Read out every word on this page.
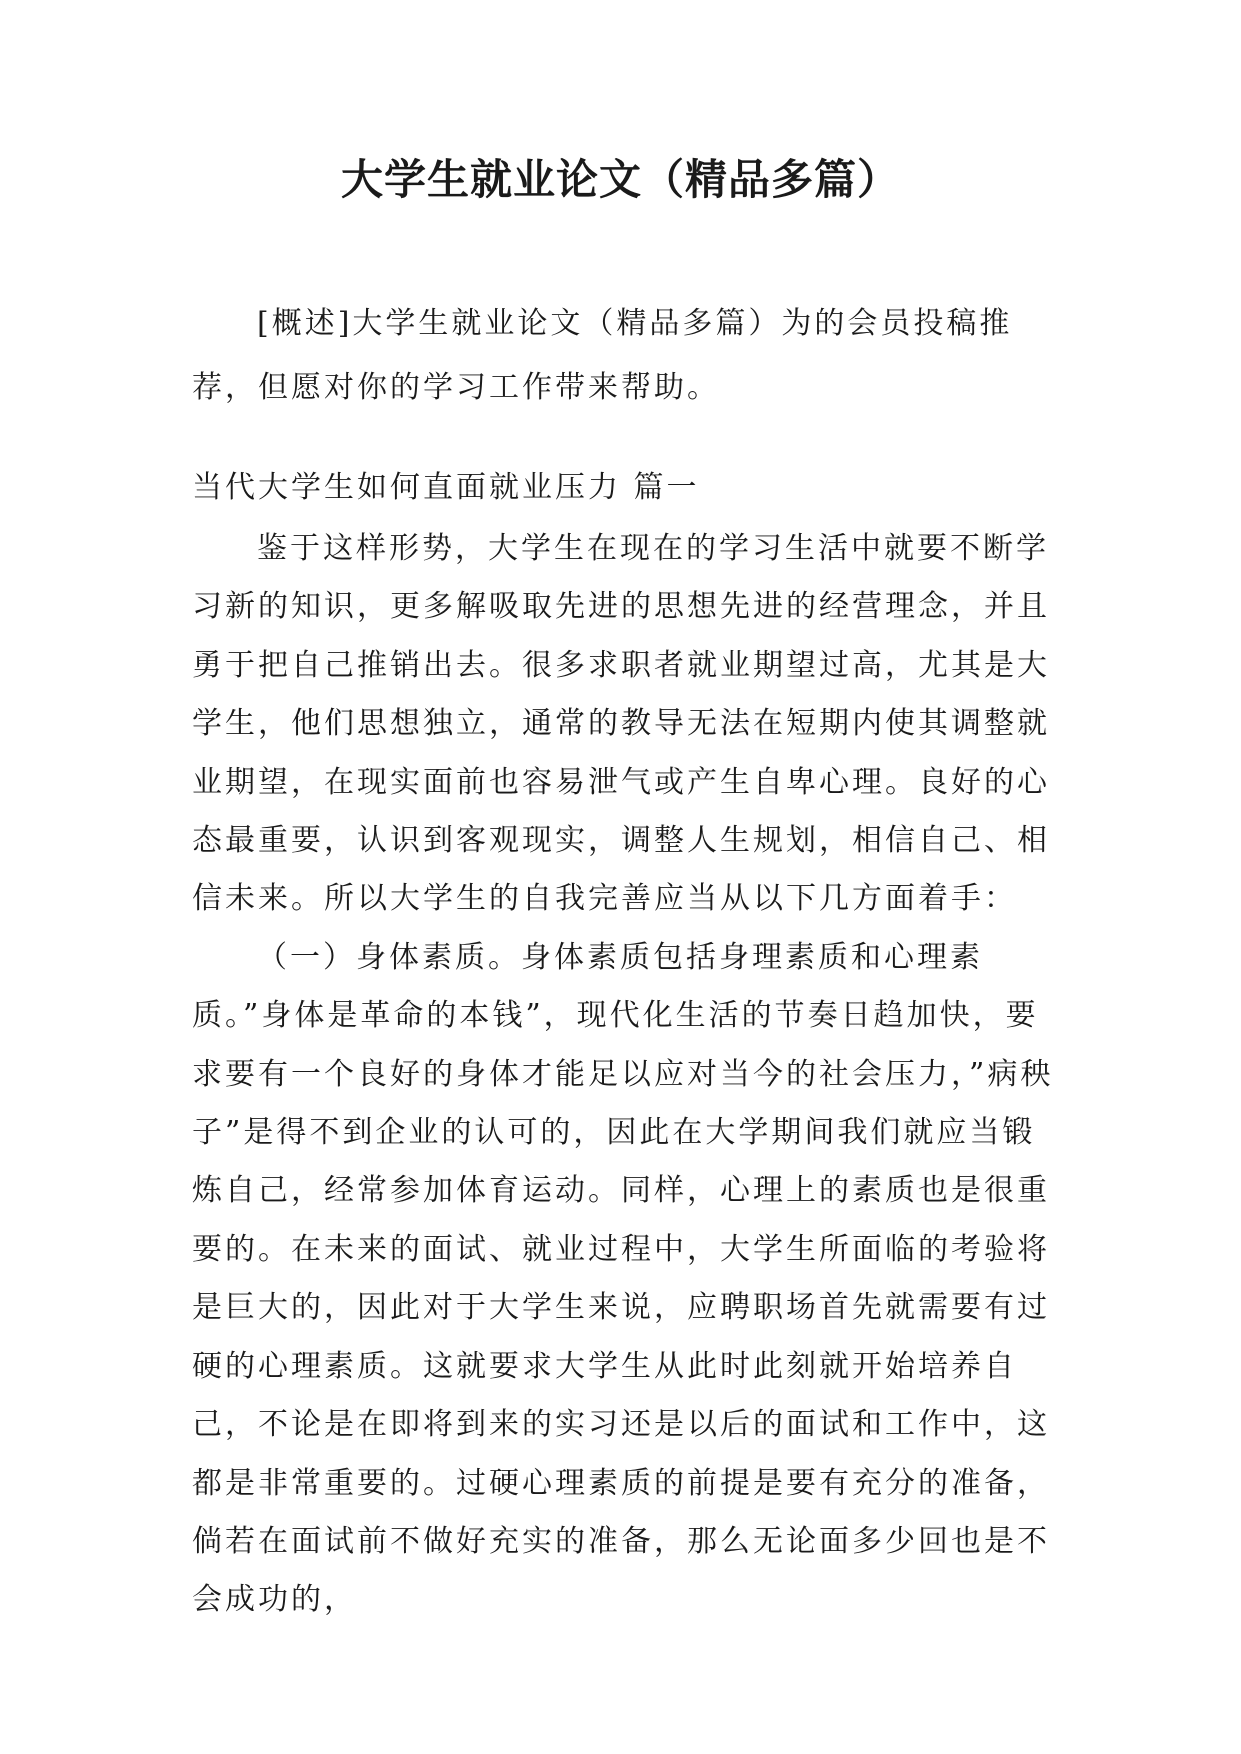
大学生就业论文（精品多篇）

[概述]大学生就业论文（精品多篇）为的会员投稿推荐，但愿对你的学习工作带来帮助。

当代大学生如何直面就业压力 篇一

鉴于这样形势，大学生在现在的学习生活中就要不断学习新的知识，更多解吸取先进的思想先进的经营理念，并且勇于把自己推销出去。很多求职者就业期望过高，尤其是大学生，他们思想独立，通常的教导无法在短期内使其调整就业期望，在现实面前也容易泄气或产生自卑心理。良好的心态最重要，认识到客观现实，调整人生规划，相信自己、相信未来。所以大学生的自我完善应当从以下几方面着手：

（一）身体素质。身体素质包括身理素质和心理素质。”身体是革命的本钱”，现代化生活的节奏日趋加快，要求要有一个良好的身体才能足以应对当今的社会压力，”病秧子”是得不到企业的认可的，因此在大学期间我们就应当锻炼自己，经常参加体育运动。同样，心理上的素质也是很重要的。在未来的面试、就业过程中，大学生所面临的考验将是巨大的，因此对于大学生来说，应聘职场首先就需要有过硬的心理素质。这就要求大学生从此时此刻就开始培养自己，不论是在即将到来的实习还是以后的面试和工作中，这都是非常重要的。过硬心理素质的前提是要有充分的准备，倘若在面试前不做好充实的准备，那么无论面多少回也是不会成功的，
